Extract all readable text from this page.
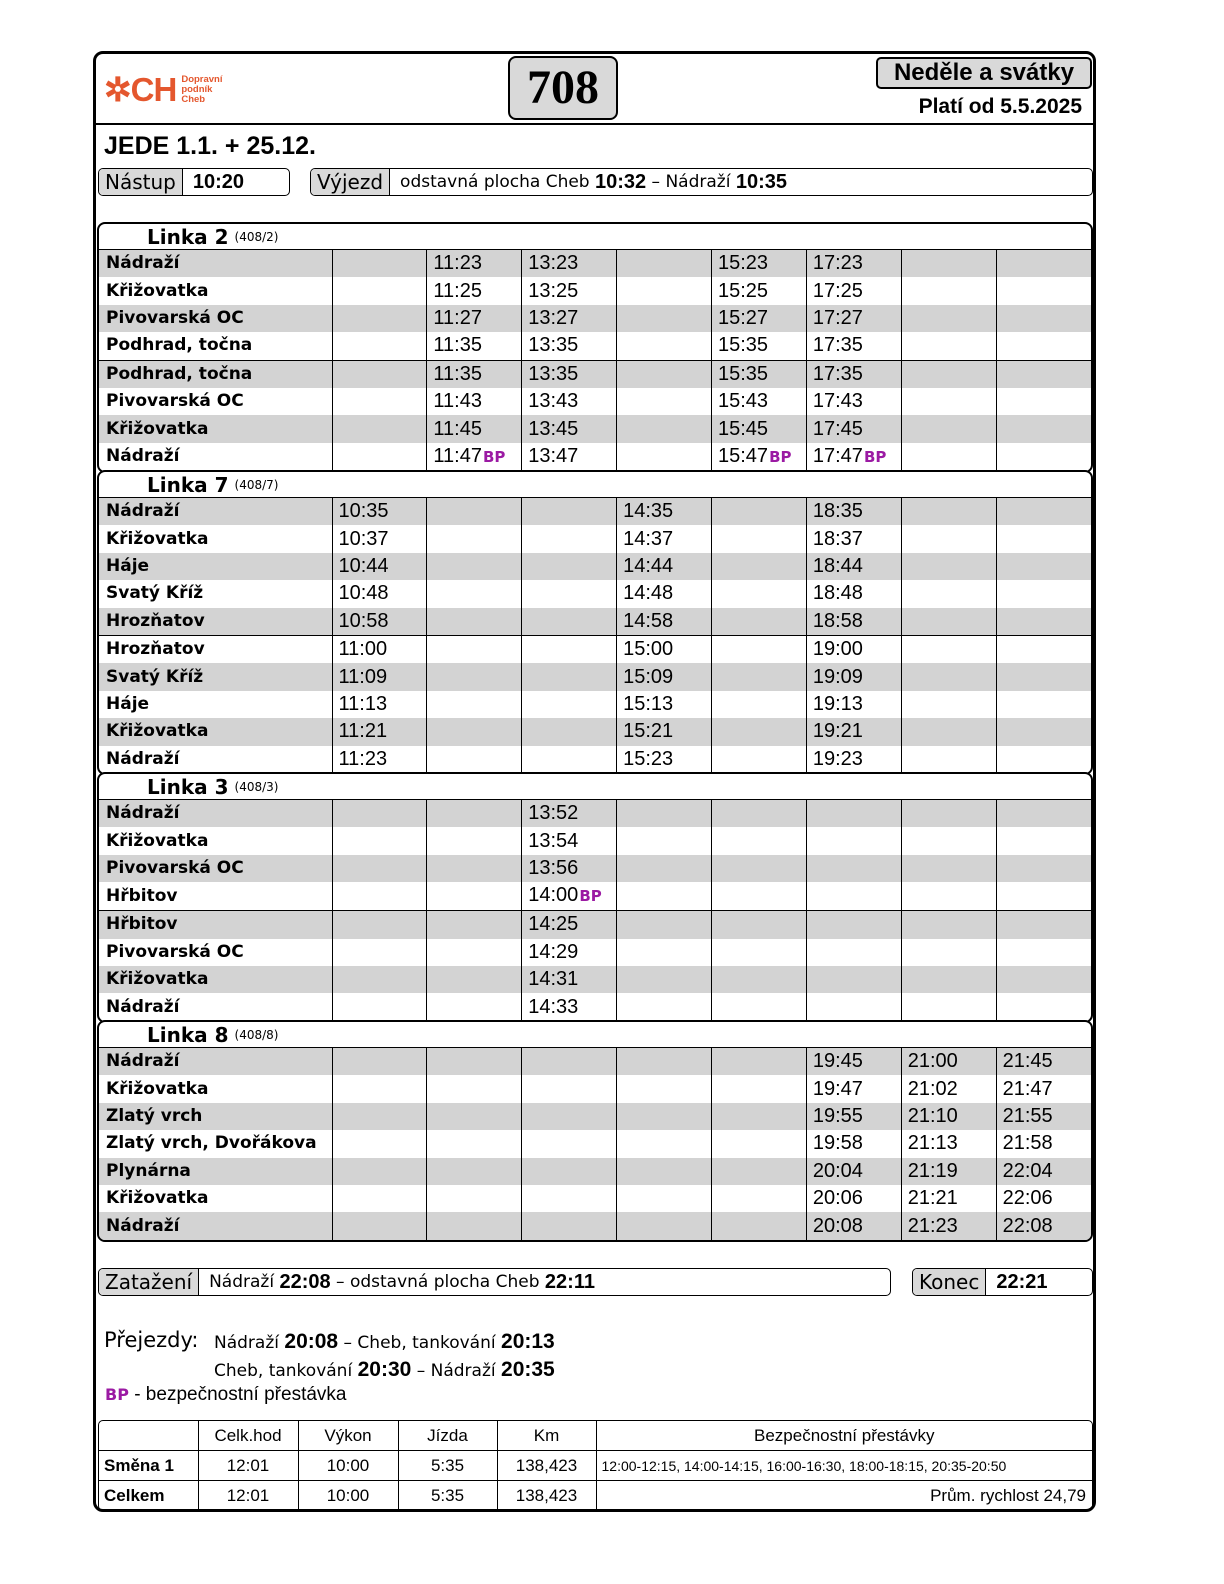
✲CH Dopravní
podník
Cheb	708	Neděle a svátky
Platí od 5.5.2025
JEDE 1.1. + 25.12.
Nástup 10:20	Výjezd	odstavná plocha Cheb
10:32 – Nádraží
10:35
Linka 2 (408/2)
Nádraží		11:23	13:23		15:23	17:23		
Křižovatka		11:25	13:25		15:25	17:25		
Pivovarská OC		11:27	13:27		15:27	17:27		
Podhrad, točna		11:35	13:35		15:35	17:35		
Podhrad, točna		11:35	13:35		15:35	17:35		
Pivovarská OC		11:43	13:43		15:43	17:43		
Křižovatka		11:45	13:45		15:45	17:45		
Nádraží		11:47BP	13:47		15:47BP	17:47BP		
Linka 7 (408/7)
Nádraží	10:35			14:35		18:35		
Křižovatka	10:37			14:37		18:37		
Háje	10:44			14:44		18:44		
Svatý Kříž	10:48			14:48		18:48		
Hrozňatov	10:58			14:58		18:58		
Hrozňatov	11:00			15:00		19:00		
Svatý Kříž	11:09			15:09		19:09		
Háje	11:13			15:13		19:13		
Křižovatka	11:21			15:21		19:21		
Nádraží	11:23			15:23		19:23		
Linka 3 (408/3)
Nádraží			13:52					
Křižovatka			13:54					
Pivovarská OC			13:56					
Hřbitov			14:00BP					
Hřbitov			14:25					
Pivovarská OC			14:29					
Křižovatka			14:31					
Nádraží			14:33					
Linka 8 (408/8)
Nádraží						19:45	21:00	21:45
Křižovatka						19:47	21:02	21:47
Zlatý vrch						19:55	21:10	21:55
Zlatý vrch, Dvořákova						19:58	21:13	21:58
Plynárna						20:04	21:19	22:04
Křižovatka						20:06	21:21	22:06
Nádraží						20:08	21:23	22:08
Zatažení	Nádraží
22:08 – odstavná plocha Cheb
22:11	Konec 22:21
Přejezdy: Nádraží 20:08 – Cheb, tankování 20:13
Cheb, tankování 20:30 – Nádraží 20:35
BP - bezpečnostní přestávka
	Celk.hod	Výkon	Jízda	Km	Bezpečnostní přestávky
Směna 1	12:01	10:00	5:35	138,423	12:00-12:15, 14:00-14:15, 16:00-16:30, 18:00-18:15, 20:35-20:50
Celkem	12:01	10:00	5:35	138,423	Prům. rychlost 24,79
